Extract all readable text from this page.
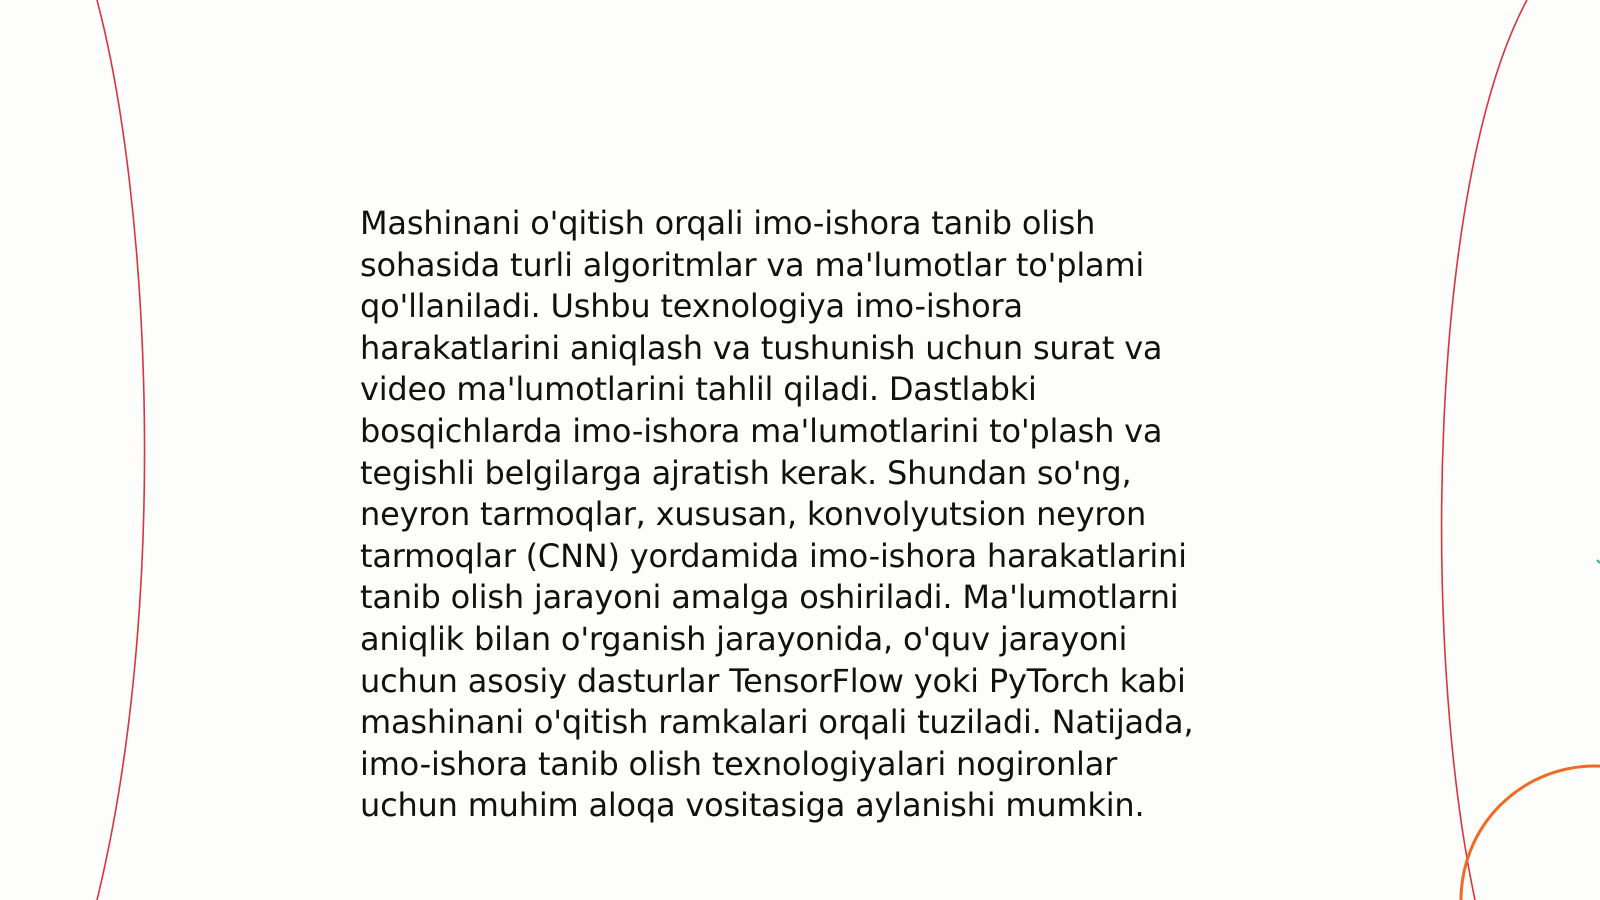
Mashinani o'qitish orqali imo-ishora tanib olish
sohasida turli algoritmlar va ma'lumotlar to'plami
qo'llaniladi. Ushbu texnologiya imo-ishora
harakatlarini aniqlash va tushunish uchun surat va
video ma'lumotlarini tahlil qiladi. Dastlabki
bosqichlarda imo-ishora ma'lumotlarini to'plash va
tegishli belgilarga ajratish kerak. Shundan so'ng,
neyron tarmoqlar, xususan, konvolyutsion neyron
tarmoqlar (CNN) yordamida imo-ishora harakatlarini
tanib olish jarayoni amalga oshiriladi. Ma'lumotlarni
aniqlik bilan o'rganish jarayonida, o'quv jarayoni
uchun asosiy dasturlar TensorFlow yoki PyTorch kabi
mashinani o'qitish ramkalari orqali tuziladi. Natijada,
imo-ishora tanib olish texnologiyalari nogironlar
uchun muhim aloqa vositasiga aylanishi mumkin.
